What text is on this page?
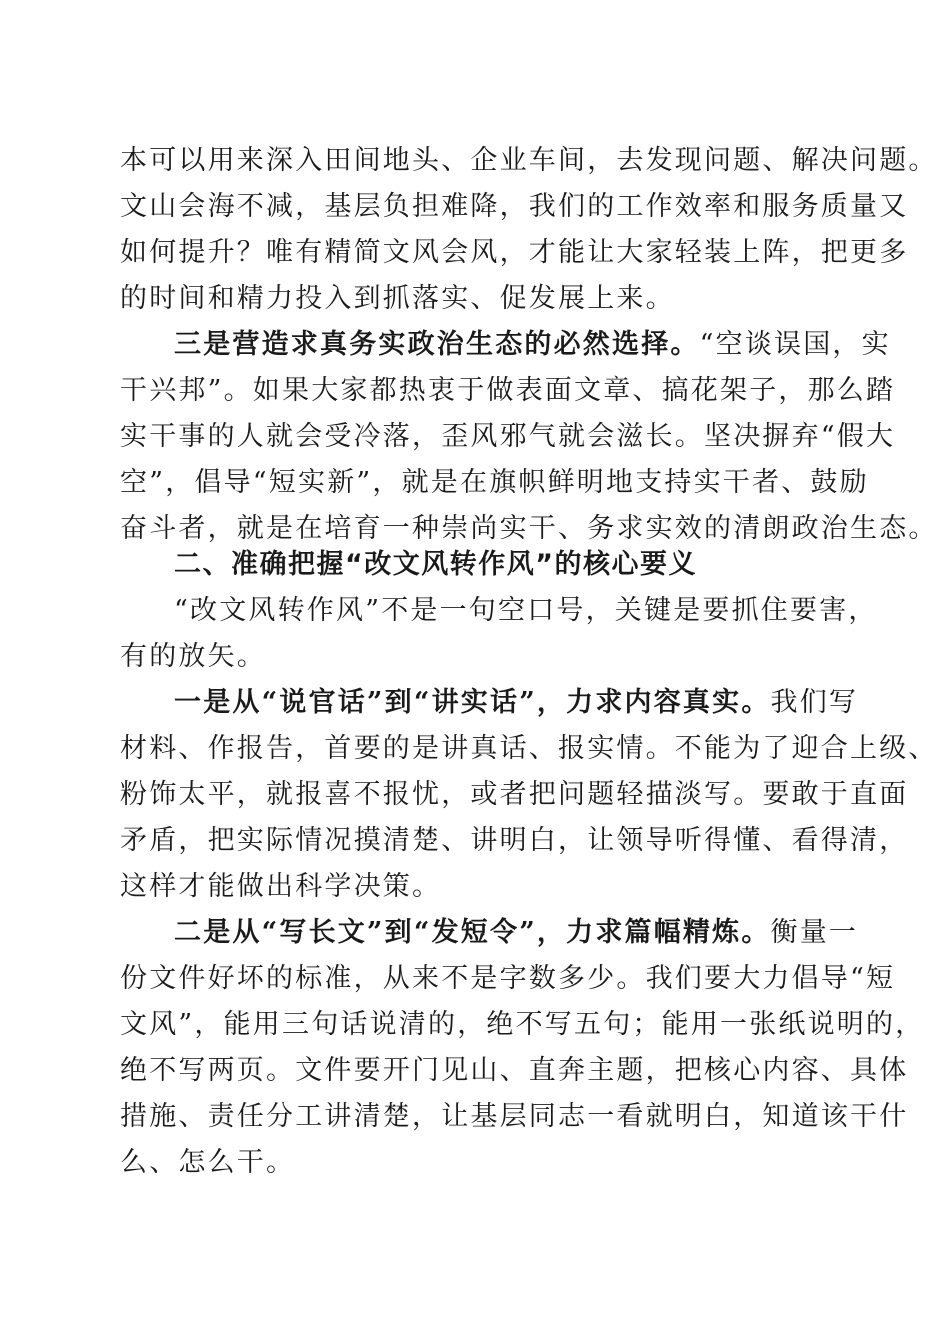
本可以用来深入田间地头、企业车间，去发现问题、解决问题。
文山会海不减，基层负担难降，我们的工作效率和服务质量又
如何提升？唯有精简文风会风，才能让大家轻装上阵，把更多
的时间和精力投入到抓落实、促发展上来。
三是营造求真务实政治生态的必然选择。“空谈误国，实
干兴邦”。如果大家都热衷于做表面文章、搞花架子，那么踏
实干事的人就会受冷落，歪风邪气就会滋长。坚决摒弃“假大
空”，倡导“短实新”，就是在旗帜鲜明地支持实干者、鼓励
奋斗者，就是在培育一种崇尚实干、务求实效的清朗政治生态。
二、准确把握“改文风转作风”的核心要义
“改文风转作风”不是一句空口号，关键是要抓住要害，
有的放矢。
一是从“说官话”到“讲实话”，力求内容真实。我们写
材料、作报告，首要的是讲真话、报实情。不能为了迎合上级、
粉饰太平，就报喜不报忧，或者把问题轻描淡写。要敢于直面
矛盾，把实际情况摸清楚、讲明白，让领导听得懂、看得清，
这样才能做出科学决策。
二是从“写长文”到“发短令”，力求篇幅精炼。衡量一
份文件好坏的标准，从来不是字数多少。我们要大力倡导“短
文风”，能用三句话说清的，绝不写五句；能用一张纸说明的，
绝不写两页。文件要开门见山、直奔主题，把核心内容、具体
措施、责任分工讲清楚，让基层同志一看就明白，知道该干什
么、怎么干。
